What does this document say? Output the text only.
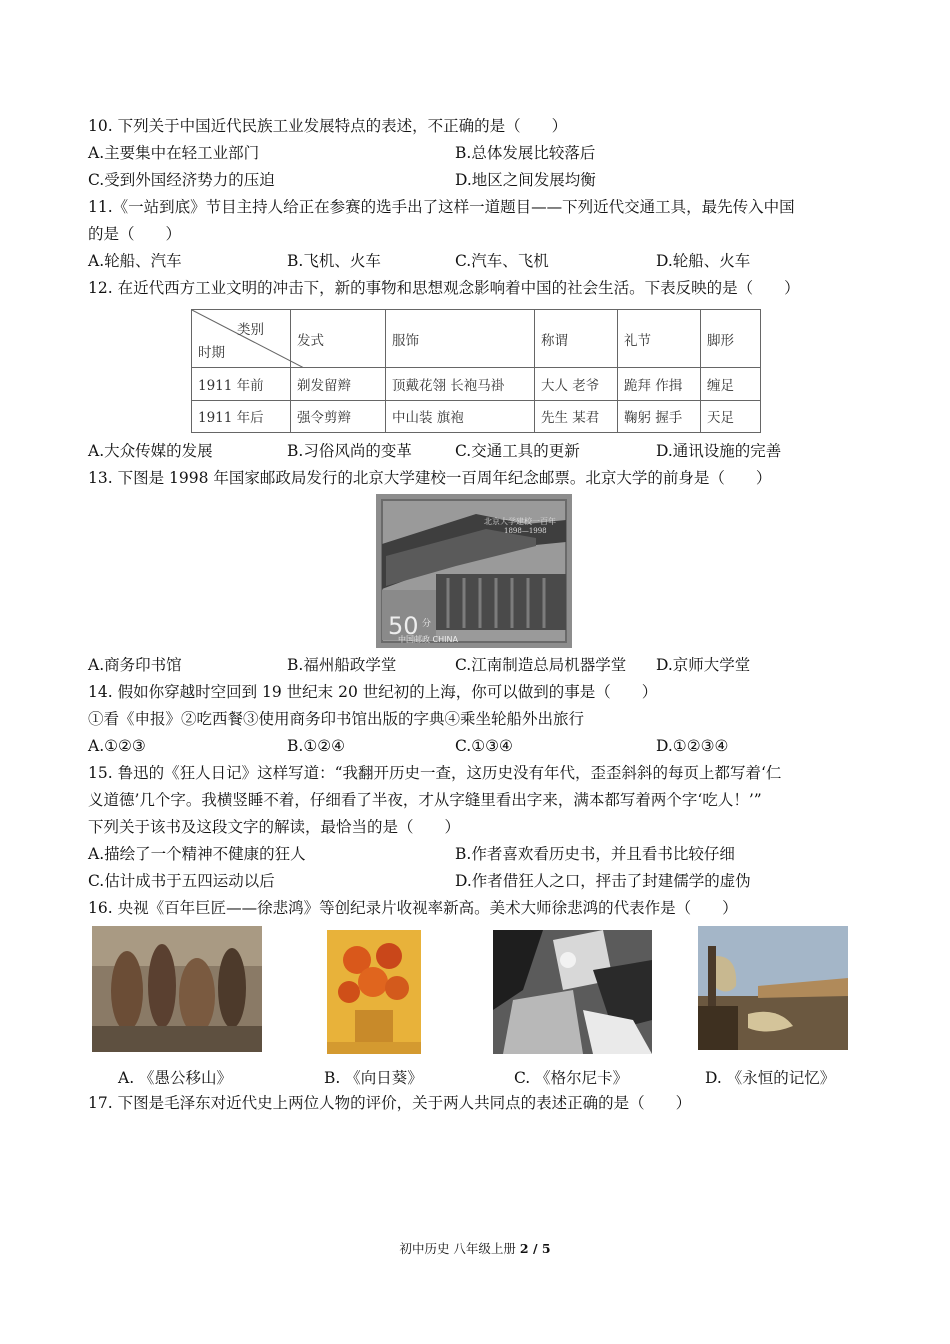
10. 下列关于中国近代民族工业发展特点的表述，不正确的是（　　）
A.主要集中在轻工业部门	B.总体发展比较落后
C.受到外国经济势力的压迫	D.地区之间发展均衡
11.《一站到底》节目主持人给正在参赛的选手出了这样一道题目——下列近代交通工具，最先传入中国
的是（　　）
A.轮船、汽车	B.飞机、火车	C.汽车、飞机	D.轮船、火车
12. 在近代西方工业文明的冲击下，新的事物和思想观念影响着中国的社会生活。下表反映的是（　　）
类别
时期	发式	服饰	称谓	礼节	脚形
1911 年前	剃发留辫	顶戴花翎 长袍马褂	大人 老爷	跪拜 作揖	缠足
1911 年后	强令剪辫	中山装 旗袍	先生 某君	鞠躬 握手	天足
A.大众传媒的发展	B.习俗风尚的变革	C.交通工具的更新	D.通讯设施的完善
13. 下图是 1998 年国家邮政局发行的北京大学建校一百周年纪念邮票。北京大学的前身是（　　）
北京大学建校一百年
1898—1998
50 分
中国邮政 CHINA
A.商务印书馆	B.福州船政学堂	C.江南制造总局机器学堂 D.京师大学堂
14. 假如你穿越时空回到 19 世纪末 20 世纪初的上海，你可以做到的事是（　　）
①看《申报》②吃西餐③使用商务印书馆出版的字典④乘坐轮船外出旅行
A.①②③	B.①②④	C.①③④	D.①②③④
15. 鲁迅的《狂人日记》这样写道：“我翻开历史一查，这历史没有年代，歪歪斜斜的每页上都写着‘仁
义道德’几个字。我横竖睡不着，仔细看了半夜，才从字缝里看出字来，满本都写着两个字‘吃人！’”
下列关于该书及这段文字的解读，最恰当的是（　　）
A.描绘了一个精神不健康的狂人	B.作者喜欢看历史书，并且看书比较仔细
C.估计成书于五四运动以后	D.作者借狂人之口，抨击了封建儒学的虚伪
16. 央视《百年巨匠——徐悲鸿》等创纪录片收视率新高。美术大师徐悲鸿的代表作是（　　）
A. 《愚公移山》	B. 《向日葵》	C. 《格尔尼卡》	D. 《永恒的记忆》
17. 下图是毛泽东对近代史上两位人物的评价，关于两人共同点的表述正确的是（　　）
初中历史 八年级上册 2 / 5
